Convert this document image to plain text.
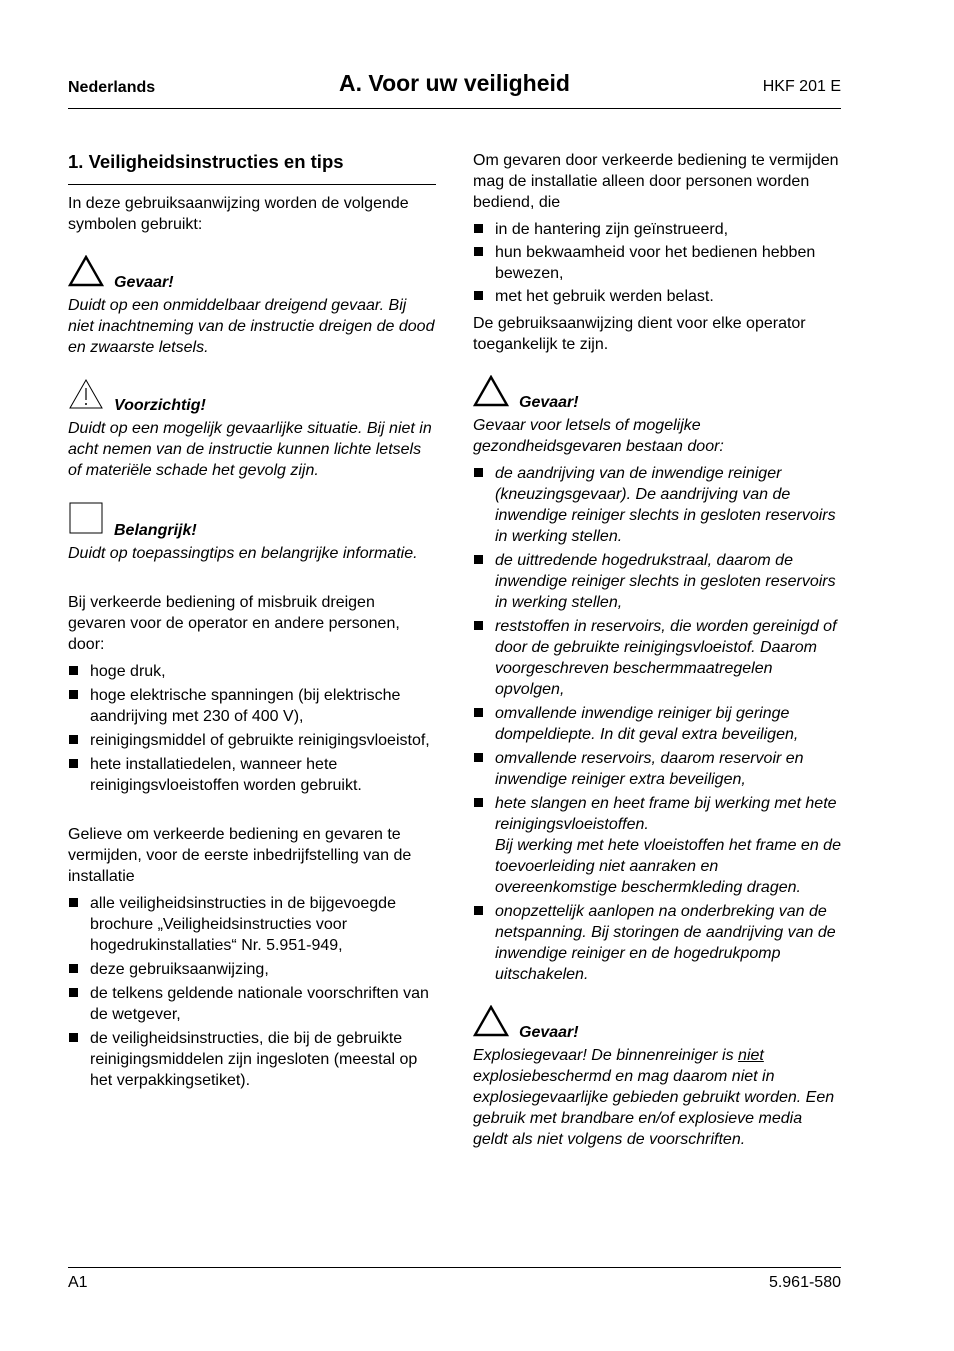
Nederlands	A. Voor uw veiligheid	HKF 201 E
1. Veiligheidsinstructies en tips

In deze gebruiksaanwijzing worden de volgende symbolen gebruikt:

Gevaar!

Duidt op een onmiddelbaar dreigend gevaar. Bij niet inachtneming van de instructie dreigen de dood en zwaarste letsels.

Voorzichtig!

Duidt op een mogelijk gevaarlijke situatie. Bij niet in acht nemen van de instructie kunnen lichte letsels of materiële schade het gevolg zijn.

Belangrijk!

Duidt op toepassingtips en belangrijke informatie.

Bij verkeerde bediening of misbruik dreigen gevaren voor de operator en andere personen, door:

hoge druk,
hoge elektrische spanningen (bij elektrische aandrijving met 230 of 400 V),
reinigingsmiddel of gebruikte reinigingsvloeistof,
hete installatiedelen, wanneer hete reinigingsvloeistoffen worden gebruikt.

Gelieve om verkeerde bediening en gevaren te vermijden, voor de eerste inbedrijfstelling van de installatie

alle veiligheidsinstructies in de bijgevoegde brochure „Veiligheidsinstructies voor hogedrukinstallaties“ Nr. 5.951-949,
deze gebruiksaanwijzing,
de telkens geldende nationale voorschriften van de wetgever,
de veiligheidsinstructies, die bij de gebruikte reinigingsmiddelen zijn ingesloten (meestal op het verpakkingsetiket).

Om gevaren door verkeerde bediening te vermijden mag de installatie alleen door personen worden bediend, die

in de hantering zijn geïnstrueerd,
hun bekwaamheid voor het bedienen hebben bewezen,
met het gebruik werden belast.

De gebruiksaanwijzing dient voor elke operator toegankelijk te zijn.

Gevaar!

Gevaar voor letsels of mogelijke gezondheidsgevaren bestaan door:

de aandrijving van de inwendige reiniger (kneuzingsgevaar). De aandrijving van de inwendige reiniger slechts in gesloten reservoirs in werking stellen.
de uittredende hogedrukstraal, daarom de inwendige reiniger slechts in gesloten reservoirs in werking stellen,
reststoffen in reservoirs, die worden gereinigd of door de gebruikte reinigingsvloeistof. Daarom voorgeschreven beschermmaatregelen opvolgen,
omvallende inwendige reiniger bij geringe dompeldiepte. In dit geval extra beveiligen,
omvallende reservoirs, daarom reservoir en inwendige reiniger extra beveiligen,
hete slangen en heet frame bij werking met hete reinigingsvloeistoffen.
Bij werking met hete vloeistoffen het frame en de toevoerleiding niet aanraken en overeenkomstige beschermkleding dragen.
onopzettelijk aanlopen na onderbreking van de netspanning. Bij storingen de aandrijving van de inwendige reiniger en de hogedrukpomp uitschakelen.
Gevaar!

Explosiegevaar! De binnenreiniger is niet explosiebeschermd en mag daarom niet in explosiegevaarlijke gebieden gebruikt worden. Een gebruik met brandbare en/of explosieve media geldt als niet volgens de voorschriften.

A1	5.961-580
